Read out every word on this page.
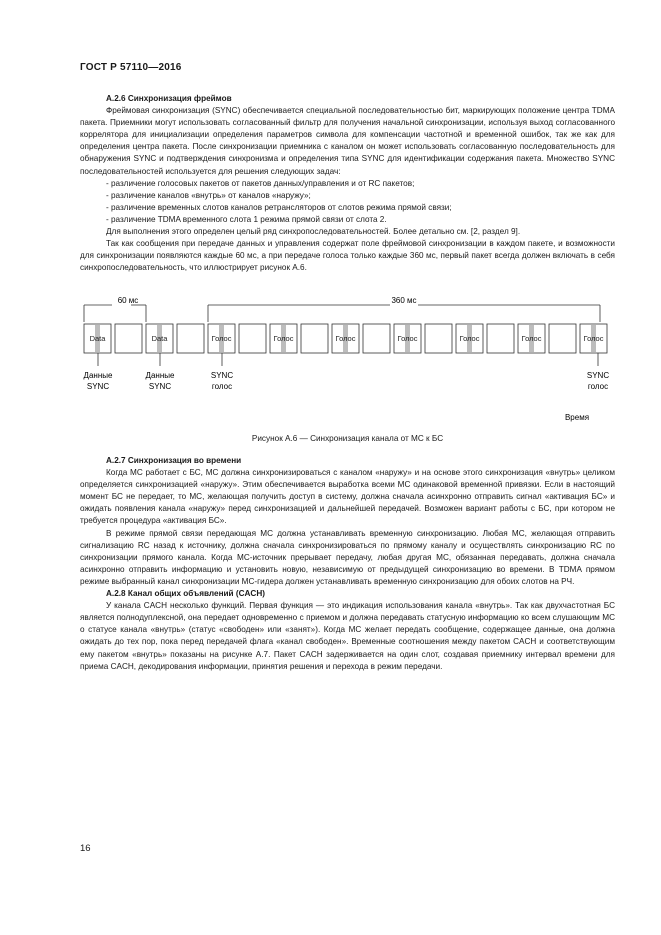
ГОСТ Р 57110—2016

А.2.6 Синхронизация фреймов

Фреймовая синхронизация (SYNC) обеспечивается специальной последовательностью бит, маркирующих положение центра TDMA пакета. Приемники могут использовать согласованный фильтр для получения начальной синхронизации, используя выход согласованного коррелятора для инициализации определения параметров символа для компенсации частотной и временной ошибок, так же как для определения центра пакета. После синхронизации приемника с каналом он может использовать согласованную последовательность для обнаружения SYNC и подтверждения синхронизма и определения типа SYNC для идентификации содержания пакета. Множество SYNC последовательностей используется для решения следующих задач:

- различение голосовых пакетов от пакетов данных/управления и от RC пакетов;

- различение каналов «внутрь» от каналов «наружу»;

- различение временных слотов каналов ретрансляторов от слотов режима прямой связи;

- различение TDMA временного слота 1 режима прямой связи от слота 2.

Для выполнения этого определен целый ряд синхропоследовательностей. Более детально см. [2, раздел 9].

Так как сообщения при передаче данных и управления содержат поле фреймовой синхронизации в каждом пакете, и возможности для синхронизации появляются каждые 60 мс, а при передаче голоса только каждые 360 мс, первый пакет всегда должен включать в себя синхропоследовательность, что иллюстрирует рисунок А.6.

60 мс	360 мс
Data	Data	Голос	Голос	Голос	Голос	Голос	Голос	Голос
Данные
SYNC
Данные
SYNC
SYNC
голос
SYNC
голос
Время
Рисунок А.6 — Синхронизация канала от МС к БС

А.2.7 Синхронизация во времени

Когда МС работает с БС, МС должна синхронизироваться с каналом «наружу» и на основе этого синхронизация «внутрь» целиком определяется синхронизацией «наружу». Этим обеспечивается выработка всеми МС одинаковой временной привязки. Если в настоящий момент БС не передает, то МС, желающая получить доступ в систему, должна сначала асинхронно отправить сигнал «активация БС» и ожидать появления канала «наружу» перед синхронизацией и дальнейшей передачей. Возможен вариант работы с БС, при котором не требуется процедура «активация БС».

В режиме прямой связи передающая МС должна устанавливать временную синхронизацию. Любая МС, желающая отправить сигнализацию RC назад к источнику, должна сначала синхронизироваться по прямому каналу и осуществлять синхронизацию RC по синхронизации прямого канала. Когда МС-источник прерывает передачу, любая другая МС, обязанная передавать, должна сначала асинхронно отправить информацию и установить новую, независимую от предыдущей синхронизацию во времени. В TDMA прямом режиме выбранный канал синхронизации МС-гидера должен устанавливать временную синхронизацию для обоих слотов на РЧ.

А.2.8 Канал общих объявлений (CACH)

У канала CACH несколько функций. Первая функция — это индикация использования канала «внутрь». Так как двухчастотная БС является полнодуплексной, она передает одновременно с приемом и должна передавать статусную информацию ко всем слушающим МС о статусе канала «внутрь» (статус «свободен» или «занят»). Когда МС желает передать сообщение, содержащее данные, она должна ожидать до тех пор, пока перед передачей флага «канал свободен». Временные соотношения между пакетом CACH и соответствующим ему пакетом «внутрь» показаны на рисунке А.7. Пакет CACH задерживается на один слот, создавая приемнику интервал времени для приема CACH, декодирования информации, принятия решения и перехода в режим передачи.

16
